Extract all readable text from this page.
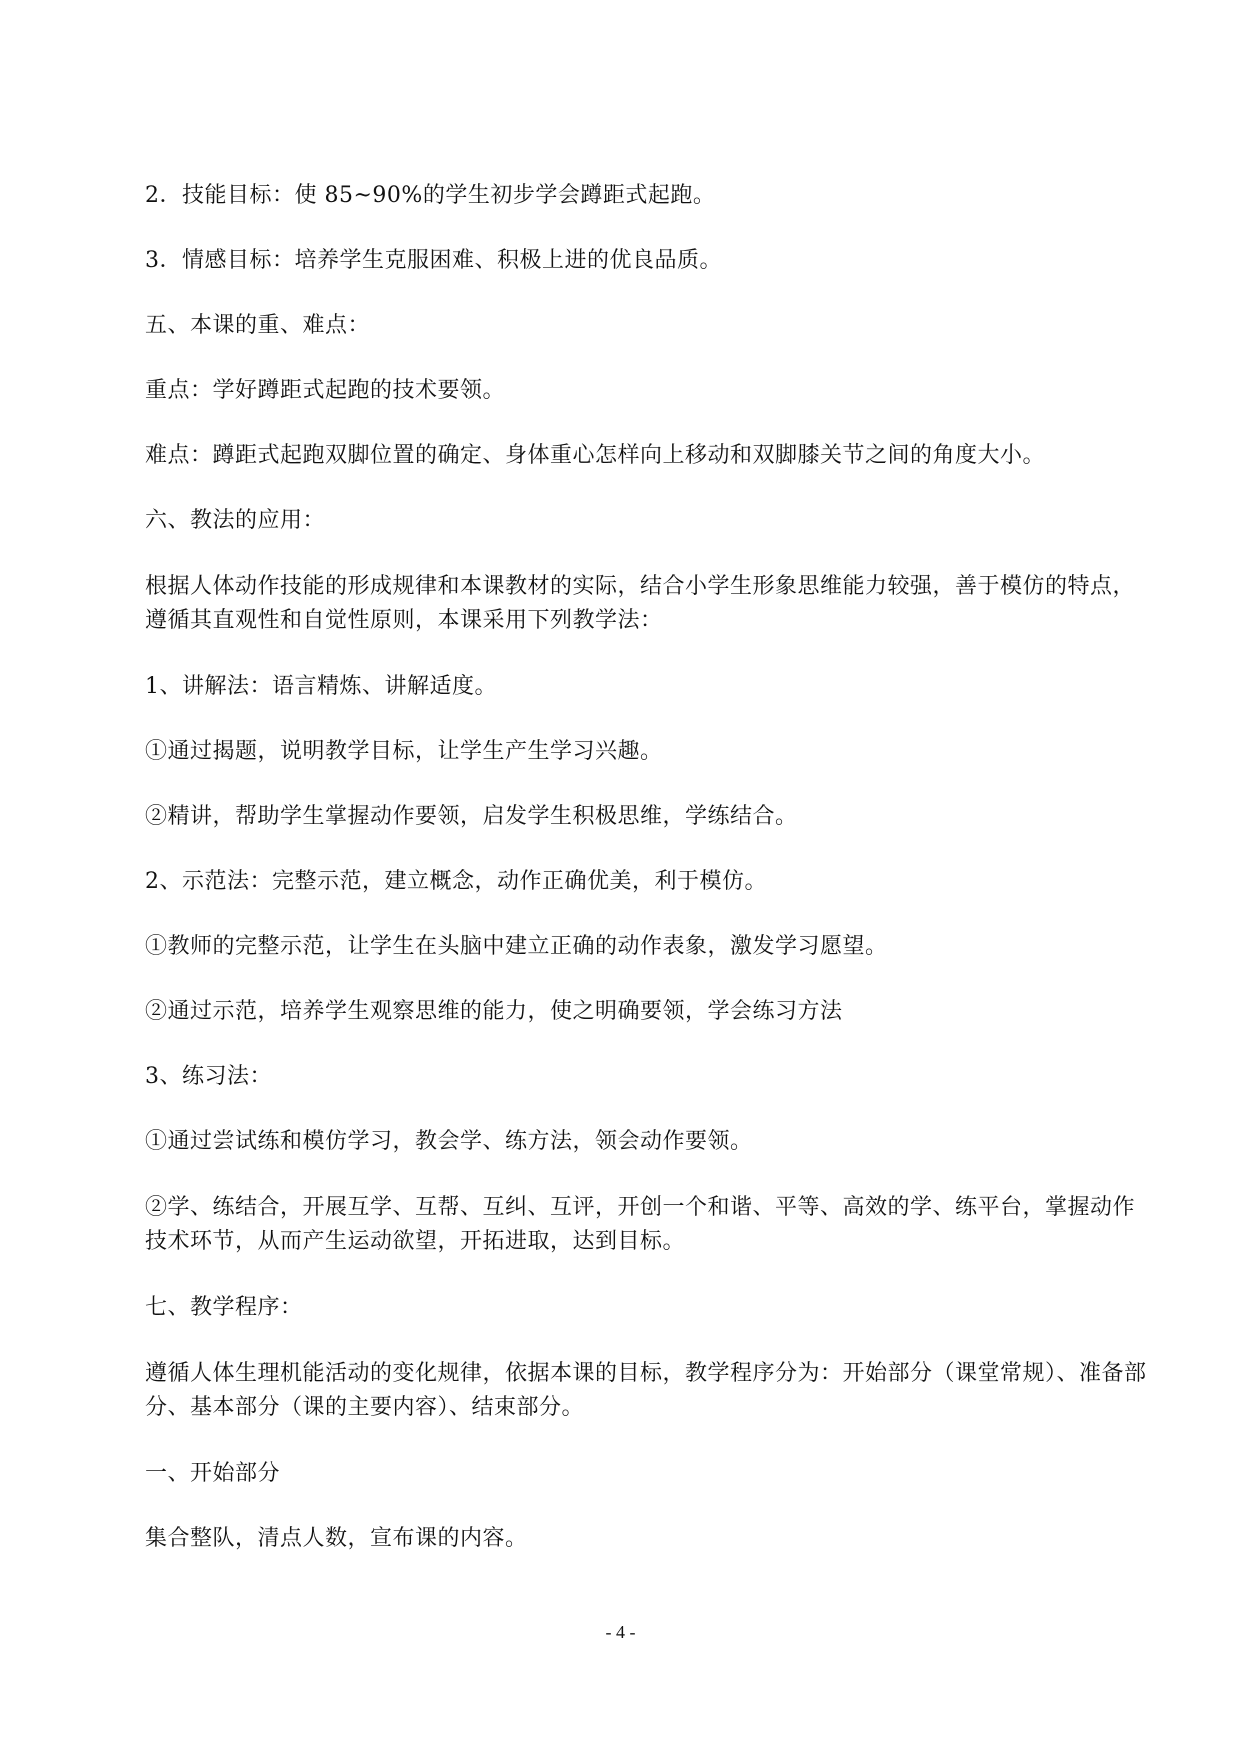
2．技能目标：使 85~90%的学生初步学会蹲距式起跑。

3．情感目标：培养学生克服困难、积极上进的优良品质。

五、本课的重、难点：

重点：学好蹲距式起跑的技术要领。

难点：蹲距式起跑双脚位置的确定、身体重心怎样向上移动和双脚膝关节之间的角度大小。

六、教法的应用：

根据人体动作技能的形成规律和本课教材的实际，结合小学生形象思维能力较强，善于模仿的特点，遵循其直观性和自觉性原则，本课采用下列教学法：

1、讲解法：语言精炼、讲解适度。

①通过揭题，说明教学目标，让学生产生学习兴趣。

②精讲，帮助学生掌握动作要领，启发学生积极思维，学练结合。

2、示范法：完整示范，建立概念，动作正确优美，利于模仿。

①教师的完整示范，让学生在头脑中建立正确的动作表象，激发学习愿望。

②通过示范，培养学生观察思维的能力，使之明确要领，学会练习方法

3、练习法：

①通过尝试练和模仿学习，教会学、练方法，领会动作要领。

②学、练结合，开展互学、互帮、互纠、互评，开创一个和谐、平等、高效的学、练平台，掌握动作技术环节，从而产生运动欲望，开拓进取，达到目标。

七、教学程序：

遵循人体生理机能活动的变化规律，依据本课的目标，教学程序分为：开始部分（课堂常规）、准备部分、基本部分（课的主要内容）、结束部分。

一、开始部分

集合整队，清点人数，宣布课的内容。

- 4 -
